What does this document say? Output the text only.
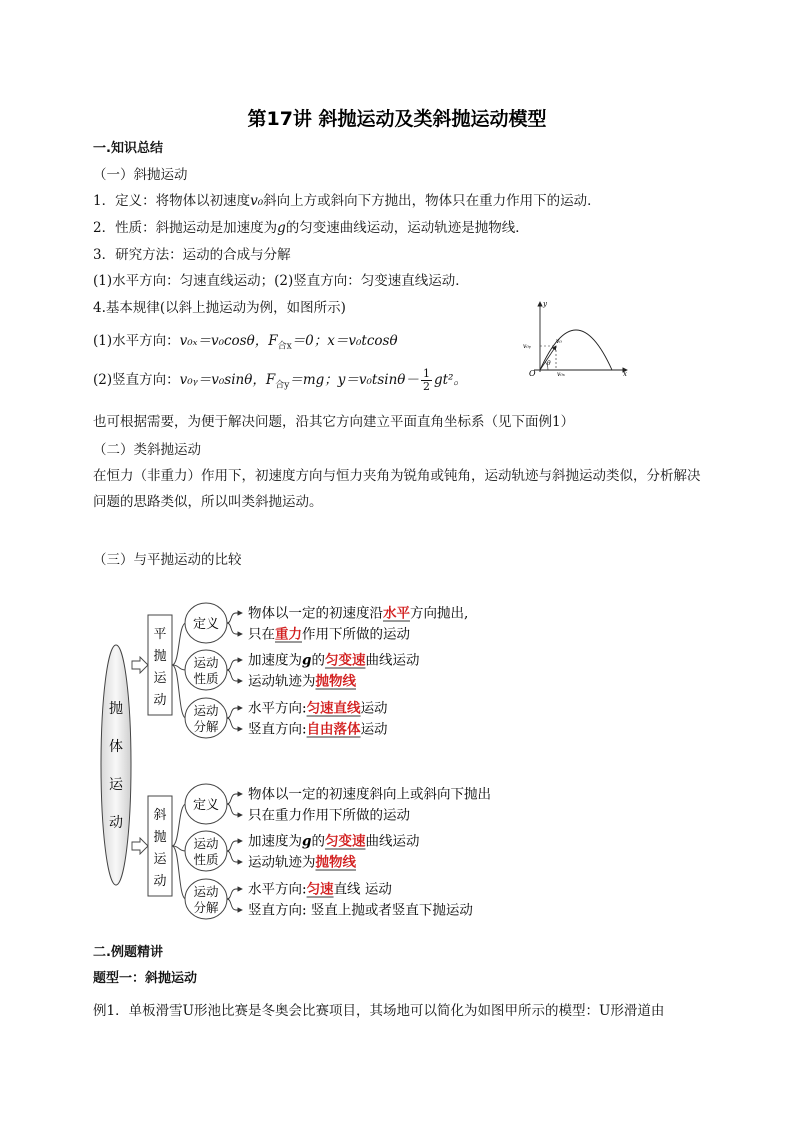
第17讲 斜抛运动及类斜抛运动模型
一.知识总结
（一）斜抛运动
1．定义：将物体以初速度v₀斜向上方或斜向下方抛出，物体只在重力作用下的运动．
2．性质：斜抛运动是加速度为g的匀变速曲线运动，运动轨迹是抛物线．
3．研究方法：运动的合成与分解
(1)水平方向：匀速直线运动；(2)竖直方向：匀变速直线运动．
4.基本规律(以斜上抛运动为例，如图所示)
(1)水平方向：v₀ₓ＝v₀cosθ，$F_{合x}=0$；x＝v₀tcosθ
(2)竖直方向：v₀ᵧ＝v₀sinθ，$F_{合y}=mg$；$y=v_0tsin\theta- \frac{1}{2} gt^2$。
也可根据需要，为便于解决问题，沿其它方向建立平面直角坐标系（见下面例1）
（二）类斜抛运动
在恒力（非重力）作用下，初速度方向与恒力夹角为锐角或钝角，运动轨迹与斜抛运动类似，分析解决问题的思路类似，所以叫类斜抛运动。
（三）与平抛运动的比较
y
x
O
v₀
v₀ᵧ
v₀ₓ
θ
抛
体
运
动
平
抛
运
动
定义
物体以一定的初速度沿 水平 方向抛出,
只在 重力 作用下所做的运动
运动
性质
加速度为 g 的 匀变速 曲线运动
运动轨迹为 抛物线
运动
分解
水平方向: 匀速直线 运动
竖直方向: 自由落体 运动
斜
抛
运
动
定义
物体以一定的初速度斜向上或斜向下抛出
只在重力作用下所做的运动
运动
性质
加速度为 g 的 匀变速 曲线运动
运动轨迹为 抛物线
运动
分解
水平方向: 匀速 直线 运动
竖直方向: 竖直上抛或者竖直下抛运动
二.例题精讲
题型一：斜抛运动
例1．单板滑雪U形池比赛是冬奥会比赛项目，其场地可以简化为如图甲所示的模型：U形滑道由
